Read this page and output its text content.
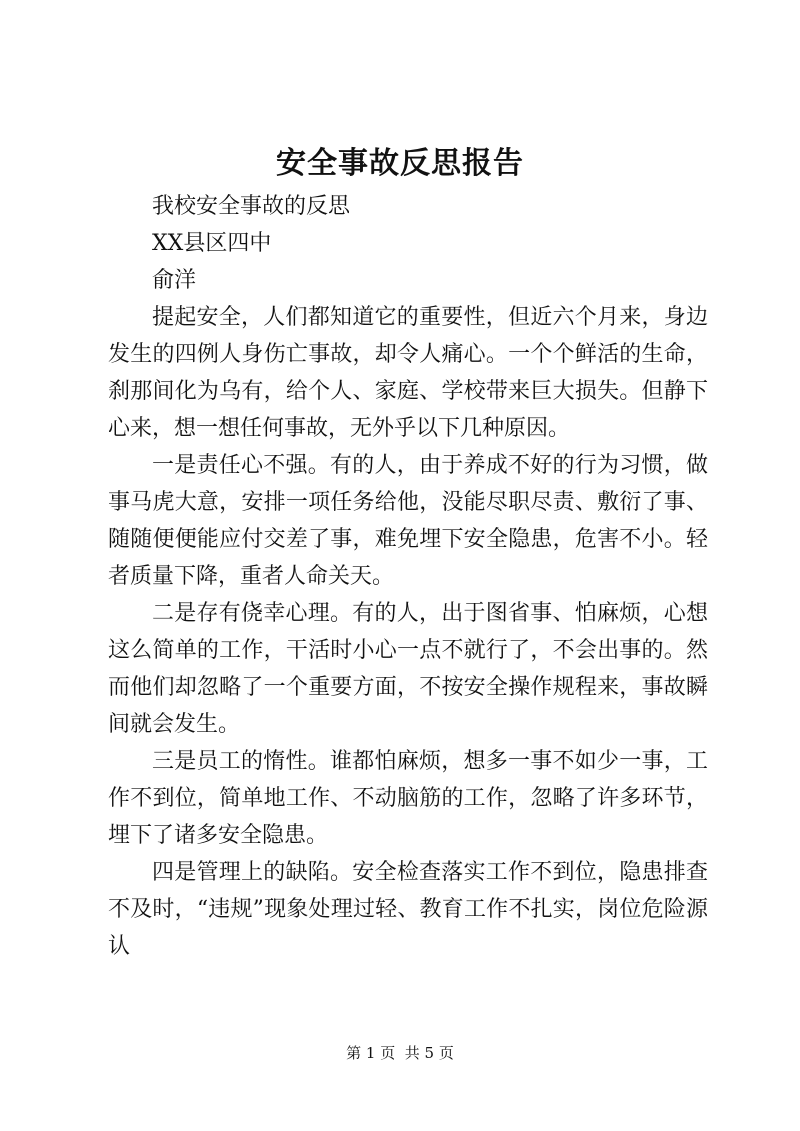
安全事故反思报告

我校安全事故的反思

XX县区四中

俞洋

提起安全，人们都知道它的重要性，但近六个月来，身边发生的四例人身伤亡事故，却令人痛心。一个个鲜活的生命，刹那间化为乌有，给个人、家庭、学校带来巨大损失。但静下心来，想一想任何事故，无外乎以下几种原因。

一是责任心不强。有的人，由于养成不好的行为习惯，做事马虎大意，安排一项任务给他，没能尽职尽责、敷衍了事、随随便便能应付交差了事，难免埋下安全隐患，危害不小。轻者质量下降，重者人命关天。

二是存有侥幸心理。有的人，出于图省事、怕麻烦，心想这么简单的工作，干活时小心一点不就行了，不会出事的。然而他们却忽略了一个重要方面，不按安全操作规程来，事故瞬间就会发生。

三是员工的惰性。谁都怕麻烦，想多一事不如少一事，工作不到位，简单地工作、不动脑筋的工作，忽略了许多环节，埋下了诸多安全隐患。

四是管理上的缺陷。安全检查落实工作不到位，隐患排查不及时，“违规”现象处理过轻、教育工作不扎实，岗位危险源认

第 1 页  共 5 页
